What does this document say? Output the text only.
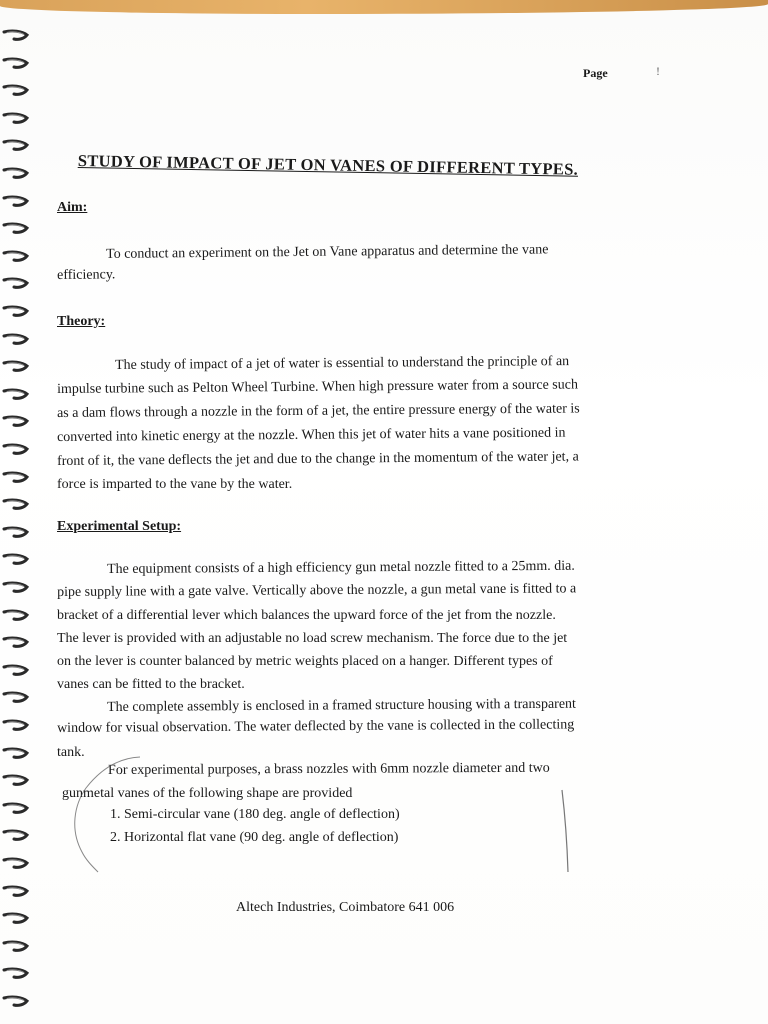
Page	!
STUDY OF IMPACT OF JET ON VANES OF DIFFERENT TYPES.
Aim:
To conduct an experiment on the Jet on Vane apparatus and determine the vane
efficiency.
Theory:
The study of impact of a jet of water is essential to understand the principle of an
impulse turbine such as Pelton Wheel Turbine. When high pressure water from a source such
as a dam flows through a nozzle in the form of a jet, the entire pressure energy of the water is
converted into kinetic energy at the nozzle. When this jet of water hits a vane positioned in
front of it, the vane deflects the jet and due to the change in the momentum of the water jet, a
force is imparted to the vane by the water.
Experimental Setup:
The equipment consists of a high efficiency gun metal nozzle fitted to a 25mm. dia.
pipe supply line with a gate valve. Vertically above the nozzle, a gun metal vane is fitted to a
bracket of a differential lever which balances the upward force of the jet from the nozzle.
The lever is provided with an adjustable no load screw mechanism. The force due to the jet
on the lever is counter balanced by metric weights placed on a hanger. Different types of
vanes can be fitted to the bracket.
The complete assembly is enclosed in a framed structure housing with a transparent
window for visual observation. The water deflected by the vane is collected in the collecting
tank.
For experimental purposes, a brass nozzles with 6mm nozzle diameter and two
gunmetal vanes of the following shape are provided
1. Semi-circular vane (180 deg. angle of deflection)
2. Horizontal flat vane (90 deg. angle of deflection)
Altech Industries, Coimbatore 641 006
